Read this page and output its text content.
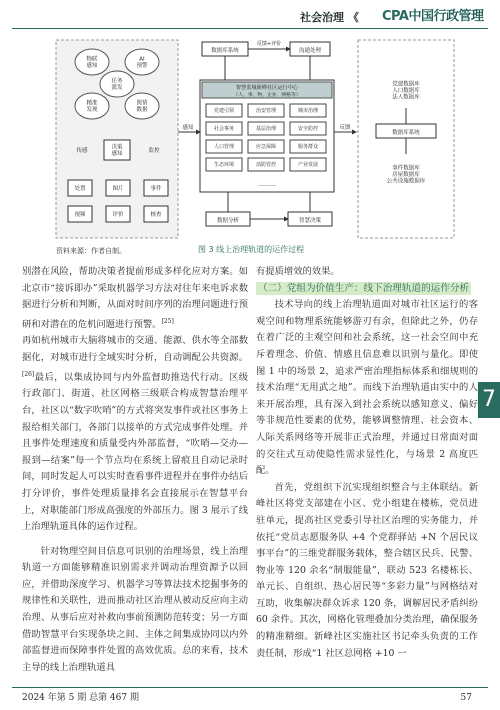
社会治理 《 CPA中国行政管理
物联
感知
AI
预警
精准
发现
舆情
数据
任务
派发
传感
决策
感知
监控
处置	图片	事件
视频	评价	核查
数据库系统
反馈+评价
沟通处理
智慧监城新峰社区运行中心
（人、事、物、企业、网格等）
党建引领	治安管理	城市治理
社会事务	基层治理	安全防控
人口管理	应急保障	服务群众
生态环境	消防管控	产业发展
………
数据分析	智慧决策
感知	反馈
党建数据库
人口数据库
法人数据库
数据库系统
事件数据库
房屋数据库
公共设施数据库
资料来源：作者自制。	图 3 线上治理轨道的运作过程

别潜在风险，帮助决策者提前形成多样化应对方案。如北京市“接诉即办”采取机器学习方法对往年来电诉求数据进行分析和判断，从面对时间序列的治理问题进行预研和对潜在的危机问题进行预警。[25]

再如杭州城市大脑将城市的交通、能源、供水等全部数据化，对城市进行全域实时分析，自动调配公共资源。[26]最后，以集成协同与内外监督助推迭代行动。区级行政部门、街道、社区网格三级联合构成智慧治理平台，社区以“数字吹哨”的方式将突发事件或社区事务上报给相关部门，各部门以接单的方式完成事件处理。并且事件处理速度和质量受内外部监督，“吹哨—交办—报到—结案”每一个节点均在系统上留痕且自动记录时间，同时发起人可以实时查看事件进程并在事件办结后打分评价，事件处理质量排名会直接展示在智慧平台上，对职能部门形成高强度的外部压力。图 3 展示了线上治理轨道具体的运作过程。

针对物理空间目信息可识别的治理场景，线上治理轨道一方面能够精准识别需求并调动治理资源予以回应，并借助深度学习、机器学习等算法技术挖掘事务的规律性和关联性，进而推动社区治理从被动反应向主动治理、从事后应对补救向事前预测防范转变；另一方面借助智慧平台实现条块之间、主体之间集成协同以内外部监督进而保障事件处置的高效优质。总的来看，技术主导的线上治理轨道具

有提质增效的效果。

（二）党组为价值生产：线下治理轨道的运作分析

技术导向的线上治理轨道面对城市社区运行的客观空间和物理系统能够游刃有余，但除此之外，仍存在着广泛的主观空间和社会系统，这一社会空间中充斥着理念、价值、情感且信息难以识别与量化。即使图 1 中的场景 2，追求严密治理指标体系和细规则的技术治理“无用武之地”。而线下治理轨道由实中的人来开展治理，具有深入到社会系统以感知意义、偏好等非规范性要素的优势，能够调整情理、社会资本、人际关系网络等开展非正式治理，并通过日常面对面的交往式互动使隐性需求显性化，与场景 2 高度匹配。

首先，党组织下沉实现组织整合与主体联结。新峰社区将党支部建在小区、党小组建在楼栋，党员进驻单元，提高社区党委引导社区治理的实务能力，并依托“党员志愿服务队 +4 个党群驿站 +N 个居民议事平台”的三维党群服务载体，整合辖区民兵、民警、物业等 120 余名“制服能量”，联动 523 名楼栋长、单元长、自组织、热心居民等“多彩力量”与网格结对互助，收集解决群众诉求 120 条，调解居民矛盾纠纷 60 余件。其次，网格化管理叠加分类治理，确保服务的精准精细。新峰社区实施社区书记牵头负责的工作责任制，形成“1 社区总网格 +10 一

7
2024 年第 5 期 总第 467 期	57
